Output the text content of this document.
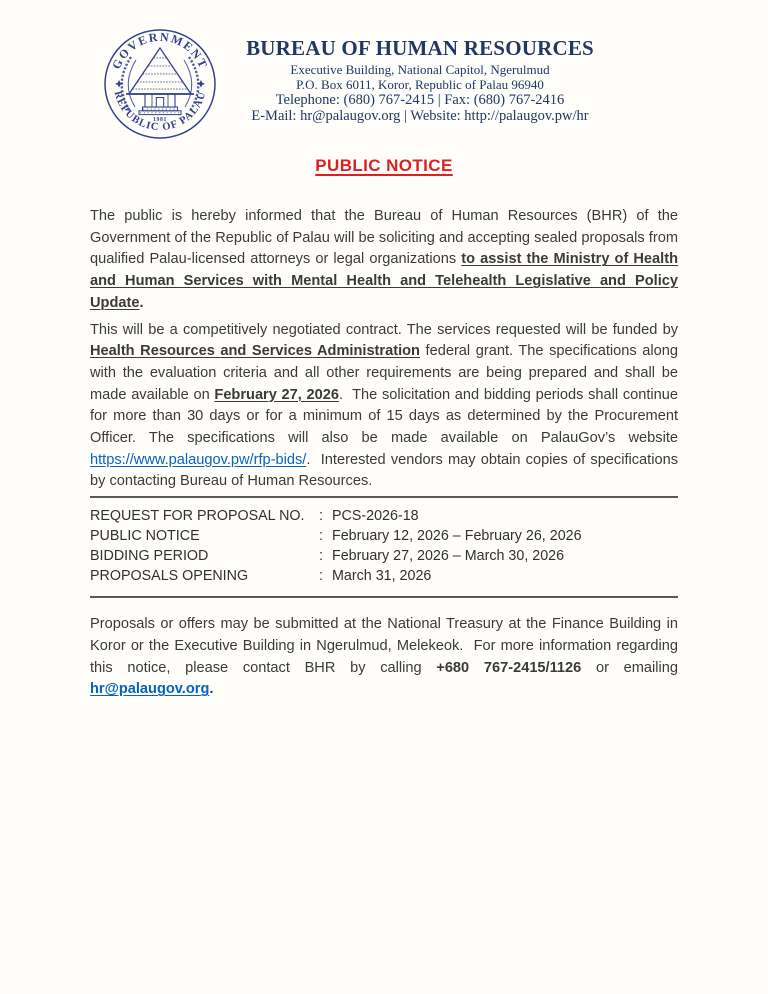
GOVERNMENT
REPUBLIC OF PALAU
1981
BUREAU OF HUMAN RESOURCES
Executive Building, National Capitol, Ngerulmud
P.O. Box 6011, Koror, Republic of Palau 96940
Telephone: (680) 767-2415 | Fax: (680) 767-2416
E-Mail: hr@palaugov.org | Website: http://palaugov.pw/hr
PUBLIC NOTICE

The public is hereby informed that the Bureau of Human Resources (BHR) of the Government of the Republic of Palau will be soliciting and accepting sealed proposals from qualified Palau-licensed attorneys or legal organizations to assist the Ministry of Health and Human Services with Mental Health and Telehealth Legislative and Policy Update.

This will be a competitively negotiated contract. The services requested will be funded by Health Resources and Services Administration federal grant. The specifications along with the evaluation criteria and all other requirements are being prepared and shall be made available on February 27, 2026.  The solicitation and bidding periods shall continue for more than 30 days or for a minimum of 15 days as determined by the Procurement Officer. The specifications will also be made available on PalauGov’s website https://www.palaugov.pw/rfp-bids/.  Interested vendors may obtain copies of specifications by contacting Bureau of Human Resources.

REQUEST FOR PROPOSAL NO.	: PCS-2026-18
PUBLIC NOTICE	: February 12, 2026 – February 26, 2026
BIDDING PERIOD	: February 27, 2026 – March 30, 2026
PROPOSALS OPENING	: March 31, 2026

Proposals or offers may be submitted at the National Treasury at the Finance Building in Koror or the Executive Building in Ngerulmud, Melekeok.  For more information regarding this notice, please contact BHR by calling +680 767-2415/1126 or emailing hr@palaugov.org.
